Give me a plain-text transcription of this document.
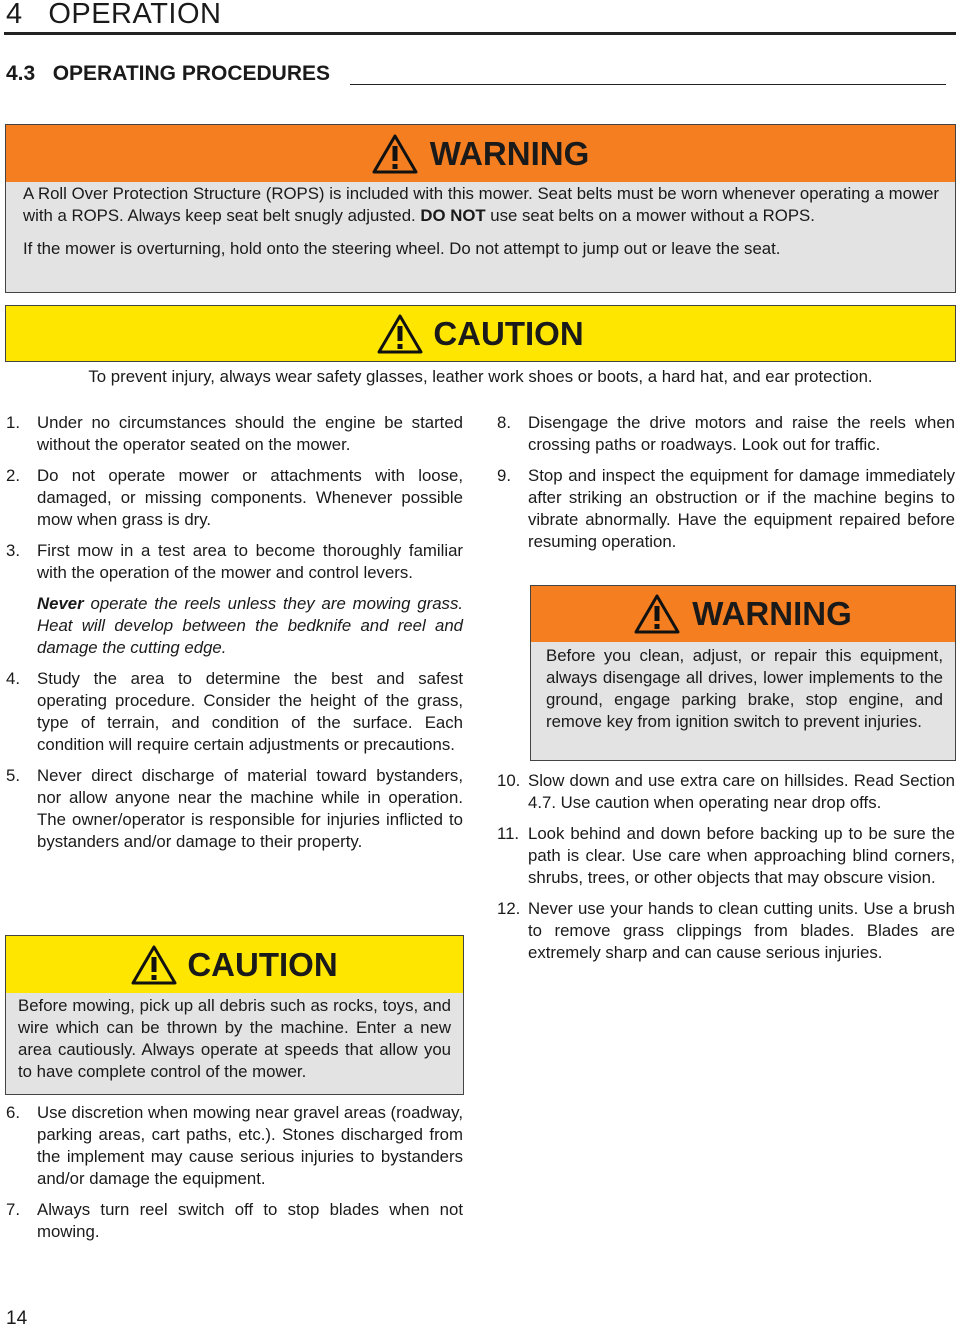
4 OPERATION
4.3   OPERATING PROCEDURES
WARNING

A Roll Over Protection Structure (ROPS) is included with this mower. Seat belts must be worn whenever operating a mower with a ROPS. Always keep seat belt snugly adjusted. DO NOT use seat belts on a mower without a ROPS.

If the mower is overturning, hold onto the steering wheel. Do not attempt to jump out or leave the seat.

CAUTION

To prevent injury, always wear safety glasses, leather work shoes or boots, a hard hat, and ear protection.

1. Under no circumstances should the engine be started without the operator seated on the mower.
2. Do not operate mower or attachments with loose, damaged, or missing components. Whenever possible mow when grass is dry.
3. First mow in a test area to become thoroughly familiar with the operation of the mower and control levers.
Never operate the reels unless they are mowing grass. Heat will develop between the bedknife and reel and damage the cutting edge.
4. Study the area to determine the best and safest operating procedure. Consider the height of the grass, type of terrain, and condition of the surface. Each condition will require certain adjustments or precautions.
5. Never direct discharge of material toward bystanders, nor allow anyone near the machine while in operation. The owner/operator is responsible for injuries inflicted to bystanders and/or damage to their property.
CAUTION

Before mowing, pick up all debris such as rocks, toys, and wire which can be thrown by the machine. Enter a new area cautiously. Always operate at speeds that allow you to have complete control of the mower.

6. Use discretion when mowing near gravel areas (roadway, parking areas, cart paths, etc.). Stones discharged from the implement may cause serious injuries to bystanders and/or damage the equipment.
7. Always turn reel switch off to stop blades when not mowing.
8. Disengage the drive motors and raise the reels when crossing paths or roadways. Look out for traffic.
9. Stop and inspect the equipment for damage immediately after striking an obstruction or if the machine begins to vibrate abnormally. Have the equipment repaired before resuming operation.
WARNING

Before you clean, adjust, or repair this equipment, always disengage all drives, lower implements to the ground, engage parking brake, stop engine, and remove key from ignition switch to prevent injuries.

10. Slow down and use extra care on hillsides. Read Section 4.7. Use caution when operating near drop offs.
11. Look behind and down before backing up to be sure the path is clear. Use care when approaching blind corners, shrubs, trees, or other objects that may obscure vision.
12. Never use your hands to clean cutting units. Use a brush to remove grass clippings from blades. Blades are extremely sharp and can cause serious injuries.
14
